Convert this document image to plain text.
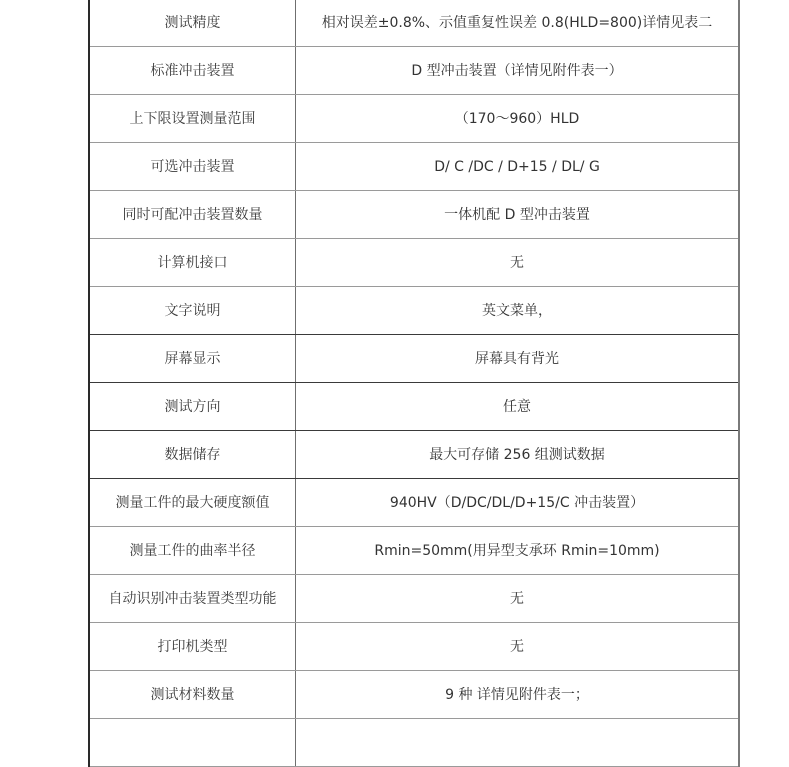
测试精度	相对误差±0.8%、示值重复性误差 0.8(HLD=800)详情见表二
标准冲击装置	D 型冲击装置（详情见附件表一）
上下限设置测量范围	（170～960）HLD
可选冲击装置	D/ C /DC / D+15 / DL/ G
同时可配冲击装置数量	一体机配 D 型冲击装置
计算机接口	无
文字说明	英文菜单，
屏幕显示	屏幕具有背光
测试方向	任意
数据储存	最大可存储 256 组测试数据
测量工件的最大硬度额值	940HV（D/DC/DL/D+15/C 冲击装置）
测量工件的曲率半径	Rmin=50mm(用异型支承环 Rmin=10mm)
自动识别冲击装置类型功能	无
打印机类型	无
测试材料数量	9 种 详情见附件表一；
